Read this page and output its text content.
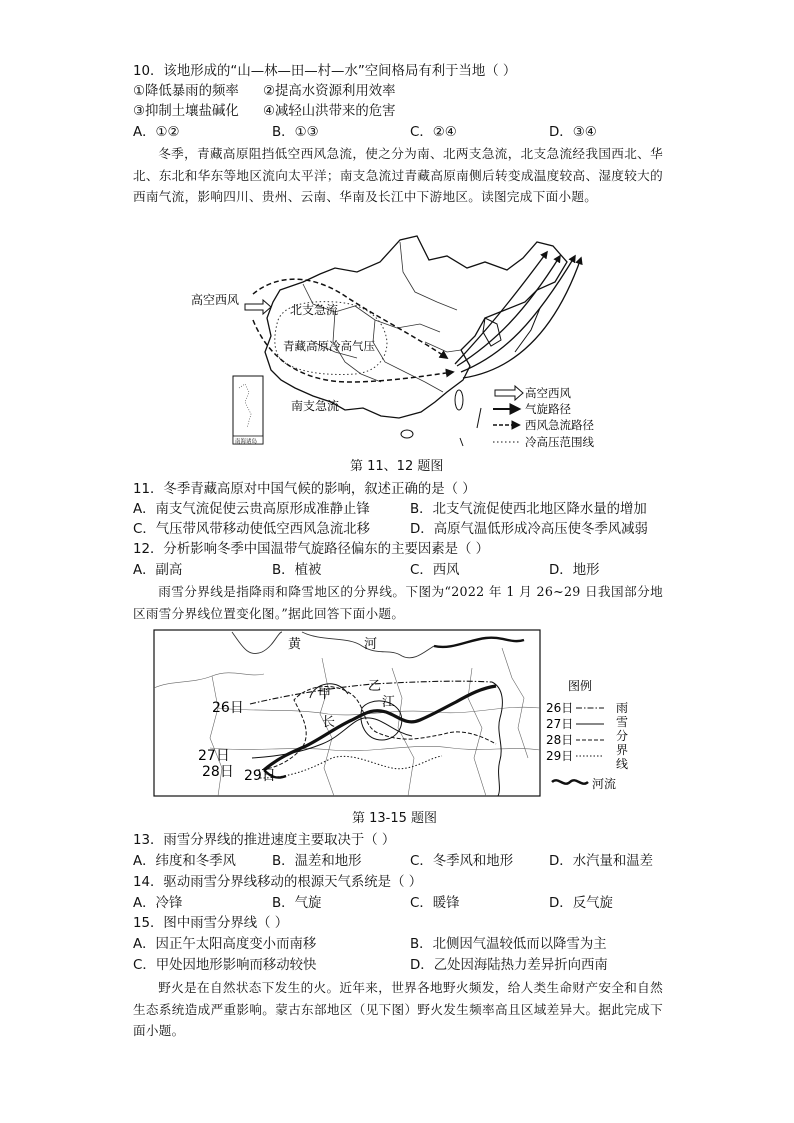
10．该地形成的“山—林—田—村—水”空间格局有利于当地（ ）
①降低暴雨的频率 ②提高水资源利用效率
③抑制土壤盐碱化 ④减轻山洪带来的危害
A．①②	B．①③	C．②④	D．③④

冬季，青藏高原阻挡低空西风急流，使之分为南、北两支急流，北支急流经我国西北、华北、东北和华东等地区流向太平洋；南支急流过青藏高原南侧后转变成温度较高、湿度较大的西南气流，影响四川、贵州、云南、华南及长江中下游地区。读图完成下面小题。

高空西风
北支急流
青藏高原冷高气压
南支急流
南海诸岛
高空西风
气旋路径
西风急流路径
冷高压范围线
第 11、12 题图
11．冬季青藏高原对中国气候的影响，叙述正确的是（ ）
A．南支气流促使云贵高原形成准静止锋	B．北支气流促使西北地区降水量的增加
C．气压带风带移动使低空西风急流北移	D．高原气温低形成冷高压使冬季风减弱
12．分析影响冬季中国温带气旋路径偏东的主要因素是（ ）
A．副高	B．植被	C．西风	D．地形

雨雪分界线是指降雨和降雪地区的分界线。下图为“2022 年 1 月 26~29 日我国部分地区雨雪分界线位置变化图。”据此回答下面小题。

黄	河
甲
乙
江
长
26日
27日
28日 29日
图例
26日
27日
28日
29日
雨
雪
分
界
线
河流
第 13-15 题图
13．雨雪分界线的推进速度主要取决于（ ）
A．纬度和冬季风	B．温差和地形	C．冬季风和地形	D．水汽量和温差
14．驱动雨雪分界线移动的根源天气系统是（ ）
A．冷锋	B．气旋	C．暖锋	D．反气旋
15．图中雨雪分界线（ ）
A．因正午太阳高度变小而南移	B．北侧因气温较低而以降雪为主
C．甲处因地形影响而移动较快	D．乙处因海陆热力差异折向西南

野火是在自然状态下发生的火。近年来，世界各地野火频发，给人类生命财产安全和自然生态系统造成严重影响。蒙古东部地区（见下图）野火发生频率高且区域差异大。据此完成下面小题。
